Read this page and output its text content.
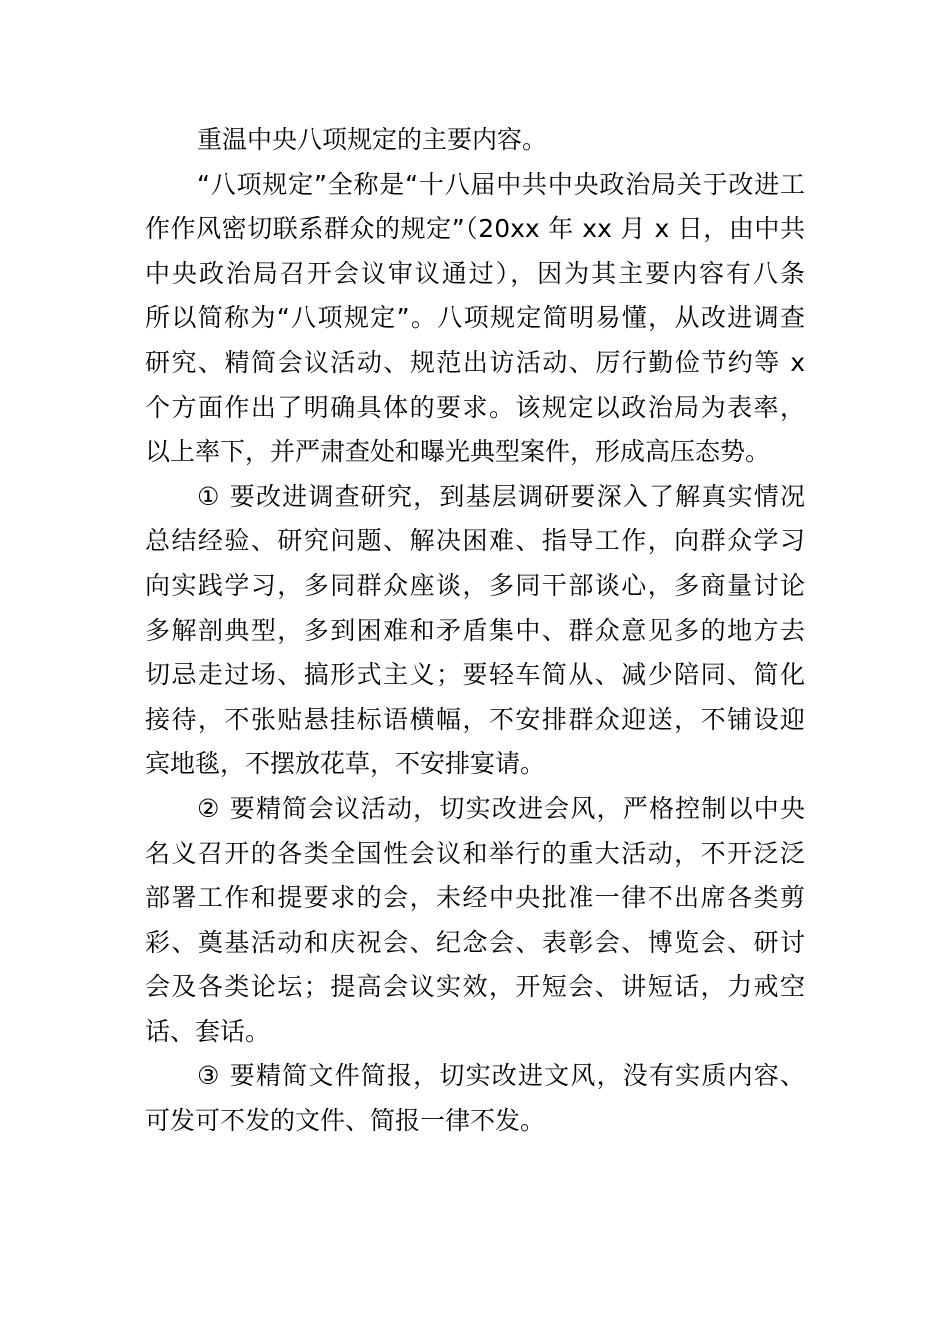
重温中央八项规定的主要内容。
“八项规定”全称是“十八届中共中央政治局关于改进工
作作风密切联系群众的规定”（20xx 年 xx 月 x 日，由中共
中央政治局召开会议审议通过），因为其主要内容有八条
所以简称为“八项规定”。八项规定简明易懂，从改进调查
研究、精简会议活动、规范出访活动、厉行勤俭节约等 x
个方面作出了明确具体的要求。该规定以政治局为表率，
以上率下，并严肃查处和曝光典型案件，形成高压态势。
① 要改进调查研究，到基层调研要深入了解真实情况
总结经验、研究问题、解决困难、指导工作，向群众学习
向实践学习，多同群众座谈，多同干部谈心，多商量讨论
多解剖典型，多到困难和矛盾集中、群众意见多的地方去
切忌走过场、搞形式主义；要轻车简从、减少陪同、简化
接待，不张贴悬挂标语横幅，不安排群众迎送，不铺设迎
宾地毯，不摆放花草，不安排宴请。
② 要精简会议活动，切实改进会风，严格控制以中央
名义召开的各类全国性会议和举行的重大活动，不开泛泛
部署工作和提要求的会，未经中央批准一律不出席各类剪
彩、奠基活动和庆祝会、纪念会、表彰会、博览会、研讨
会及各类论坛；提高会议实效，开短会、讲短话，力戒空
话、套话。
③ 要精简文件简报，切实改进文风，没有实质内容、
可发可不发的文件、简报一律不发。
